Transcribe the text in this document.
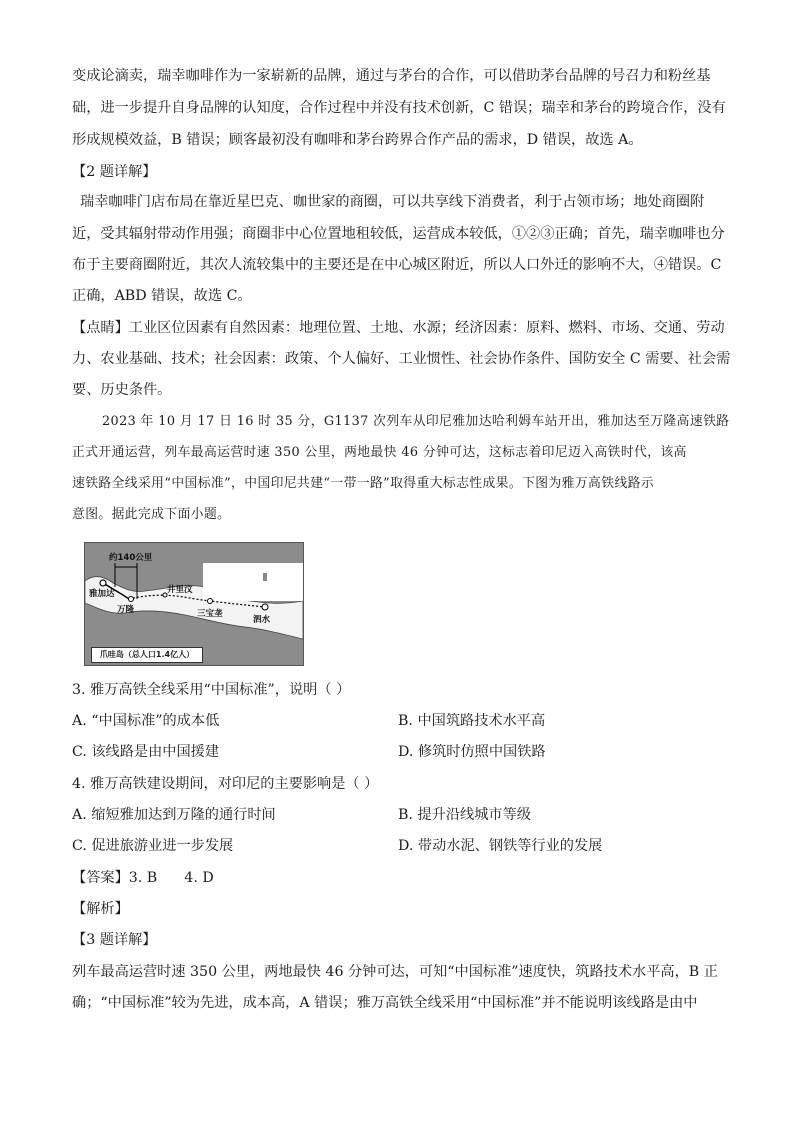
变成论滴卖，瑞幸咖啡作为一家崭新的品牌，通过与茅台的合作，可以借助茅台品牌的号召力和粉丝基
础，进一步提升自身品牌的认知度，合作过程中并没有技术创新，C 错误；瑞幸和茅台的跨境合作，没有
形成规模效益，B 错误；顾客最初没有咖啡和茅台跨界合作产品的需求，D 错误，故选 A。
【2 题详解】
瑞幸咖啡门店布局在靠近星巴克、咖世家的商圈，可以共享线下消费者，利于占领市场；地处商圈附
近，受其辐射带动作用强；商圈非中心位置地租较低，运营成本较低，①②③正确；首先，瑞幸咖啡也分
布于主要商圈附近，其次人流较集中的主要还是在中心城区附近，所以人口外迁的影响不大，④错误。C
正确，ABD 错误，故选 C。
【点睛】工业区位因素有自然因素：地理位置、土地、水源；经济因素：原料、燃料、市场、交通、劳动
力、农业基础、技术；社会因素：政策、个人偏好、工业惯性、社会协作条件、国防安全 C 需要、社会需
要、历史条件。
2023 年 10 月 17 日 16 时 35 分，G1137 次列车从印尼雅加达哈利姆车站开出，雅加达至万隆高速铁路
正式开通运营，列车最高运营时速 350 公里，两地最快 46 分钟可达，这标志着印尼迈入高铁时代，该高
速铁路全线采用“中国标准”，中国印尼共建“一带一路”取得重大标志性成果。下图为雅万高铁线路示
意图。据此完成下面小题。
约140公里
雅加达
万隆
井里汶
三宝垄
泗水
爪哇岛（总人口1.4亿人）
3. 雅万高铁全线采用“中国标准”，说明（ ）
A. “中国标准”的成本低	B. 中国筑路技术水平高
C. 该线路是由中国援建	D. 修筑时仿照中国铁路
4. 雅万高铁建设期间，对印尼的主要影响是（ ）
A. 缩短雅加达到万隆的通行时间	B. 提升沿线城市等级
C. 促进旅游业进一步发展	D. 带动水泥、钢铁等行业的发展
【答案】3. B      4. D
【解析】
【3 题详解】
列车最高运营时速 350 公里，两地最快 46 分钟可达，可知“中国标准”速度快，筑路技术水平高，B 正
确；“中国标准”较为先进，成本高，A 错误；雅万高铁全线采用“中国标准”并不能说明该线路是由中
